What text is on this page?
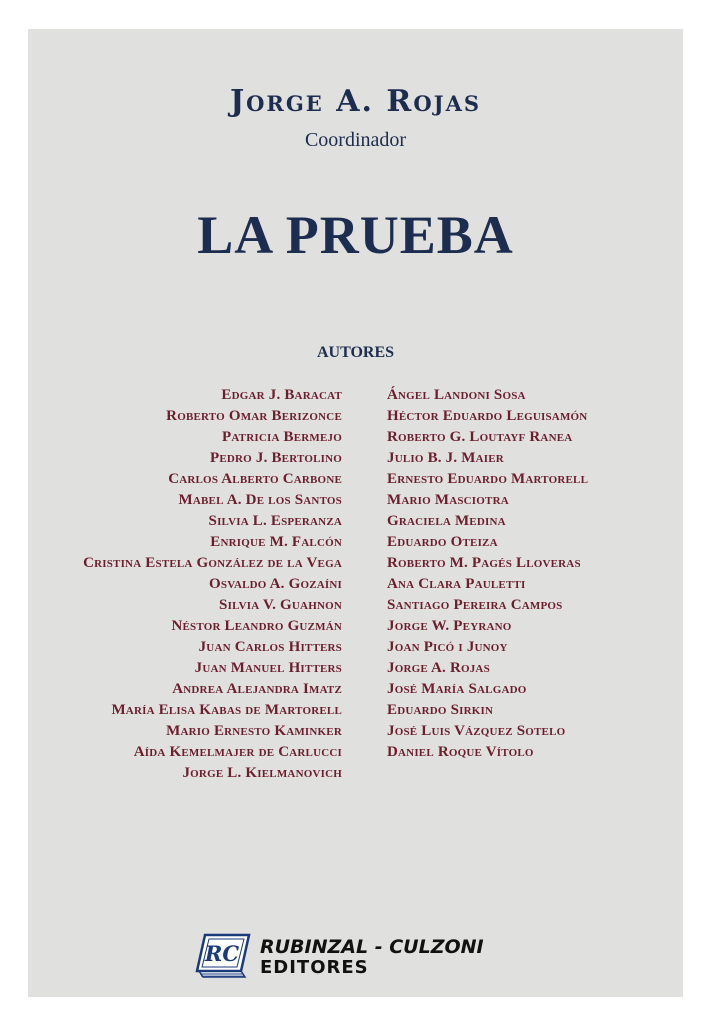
Jorge A. Rojas
Coordinador
LA PRUEBA
AUTORES
Edgar J. Baracat
Roberto Omar Berizonce
Patricia Bermejo
Pedro J. Bertolino
Carlos Alberto Carbone
Mabel A. De los Santos
Silvia L. Esperanza
Enrique M. Falcón
Cristina Estela González de la Vega
Osvaldo A. Gozaíni
Silvia V. Guahnon
Néstor Leandro Guzmán
Juan Carlos Hitters
Juan Manuel Hitters
Andrea Alejandra Imatz
María Elisa Kabas de Martorell
Mario Ernesto Kaminker
Aída Kemelmajer de Carlucci
Jorge L. Kielmanovich
Ángel Landoni Sosa
Héctor Eduardo Leguisamón
Roberto G. Loutayf Ranea
Julio B. J. Maier
Ernesto Eduardo Martorell
Mario Masciotra
Graciela Medina
Eduardo Oteiza
Roberto M. Pagés Lloveras
Ana Clara Pauletti
Santiago Pereira Campos
Jorge W. Peyrano
Joan Picó i Junoy
Jorge A. Rojas
José María Salgado
Eduardo Sirkin
José Luis Vázquez Sotelo
Daniel Roque Vítolo
RC RUBINZAL - CULZONI
EDITORES
